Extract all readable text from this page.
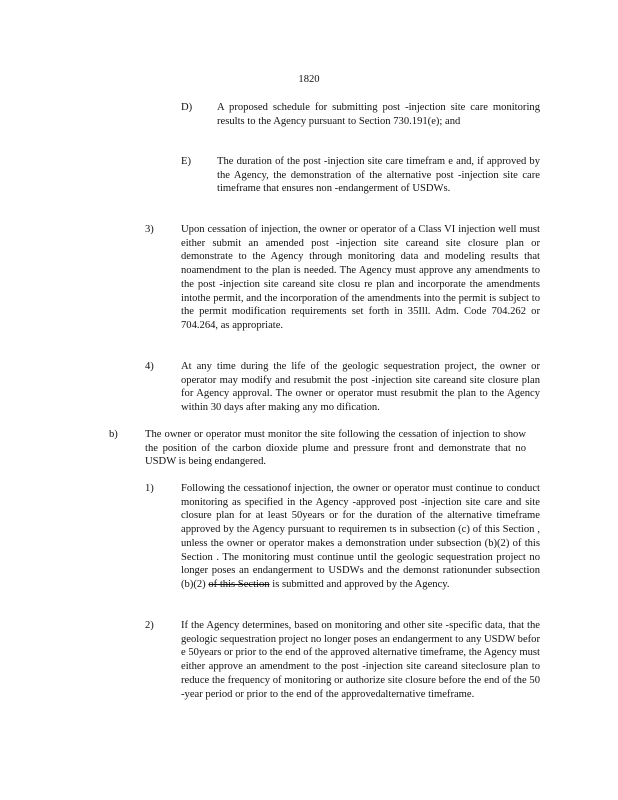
1820
D) A proposed schedule for submitting post -injection site care monitoring results to the Agency pursuant to Section 730.191(e); and
E) The duration of the post -injection site care timefram e and, if approved by the Agency, the demonstration of the alternative post -injection site care timeframe that ensures non -endangerment of USDWs.
3)	Upon cessation of injection, the owner or operator of a Class VI injection well must either submit an amended post -injection site careand site closure plan or demonstrate to the Agency through monitoring data and modeling results that noamendment to the plan is needed. The Agency must approve any amendments to the post -injection site careand site closu re plan and incorporate the amendments intothe permit, and the incorporation of the amendments into the permit is subject to the permit modification requirements set forth in 35Ill. Adm. Code 704.262 or 704.264, as appropriate.
4)	At any time during the life of the geologic sequestration project, the owner or operator may modify and resubmit the post -injection site careand site closure plan for Agency approval. The owner or operator must resubmit the plan to the Agency within 30 days after making any mo dification.
b)	The owner or operator must monitor the site following the cessation of injection to show the position of the carbon dioxide plume and pressure front and demonstrate that no USDW is being endangered.
1)	Following the cessationof injection, the owner or operator must continue to conduct monitoring as specified in the Agency -approved post -injection site care and site closure plan for at least 50years or for the duration of the alternative timeframe approved by the Agency pursuant to requiremen ts in subsection (c) of this Section , unless the owner or operator makes a demonstration under subsection (b)(2) of this Section . The monitoring must continue until the geologic sequestration project no longer poses an endangerment to USDWs and the demonst rationunder subsection (b)(2) of this Section is submitted and approved by the Agency.
2)	If the Agency determines, based on monitoring and other site -specific data, that the geologic sequestration project no longer poses an endangerment to any USDW befor e 50years or prior to the end of the approved alternative timeframe, the Agency must either approve an amendment to the post -injection site careand siteclosure plan to reduce the frequency of monitoring or authorize site closure before the end of the 50 -year period or prior to the end of the approvedalternative timeframe.
